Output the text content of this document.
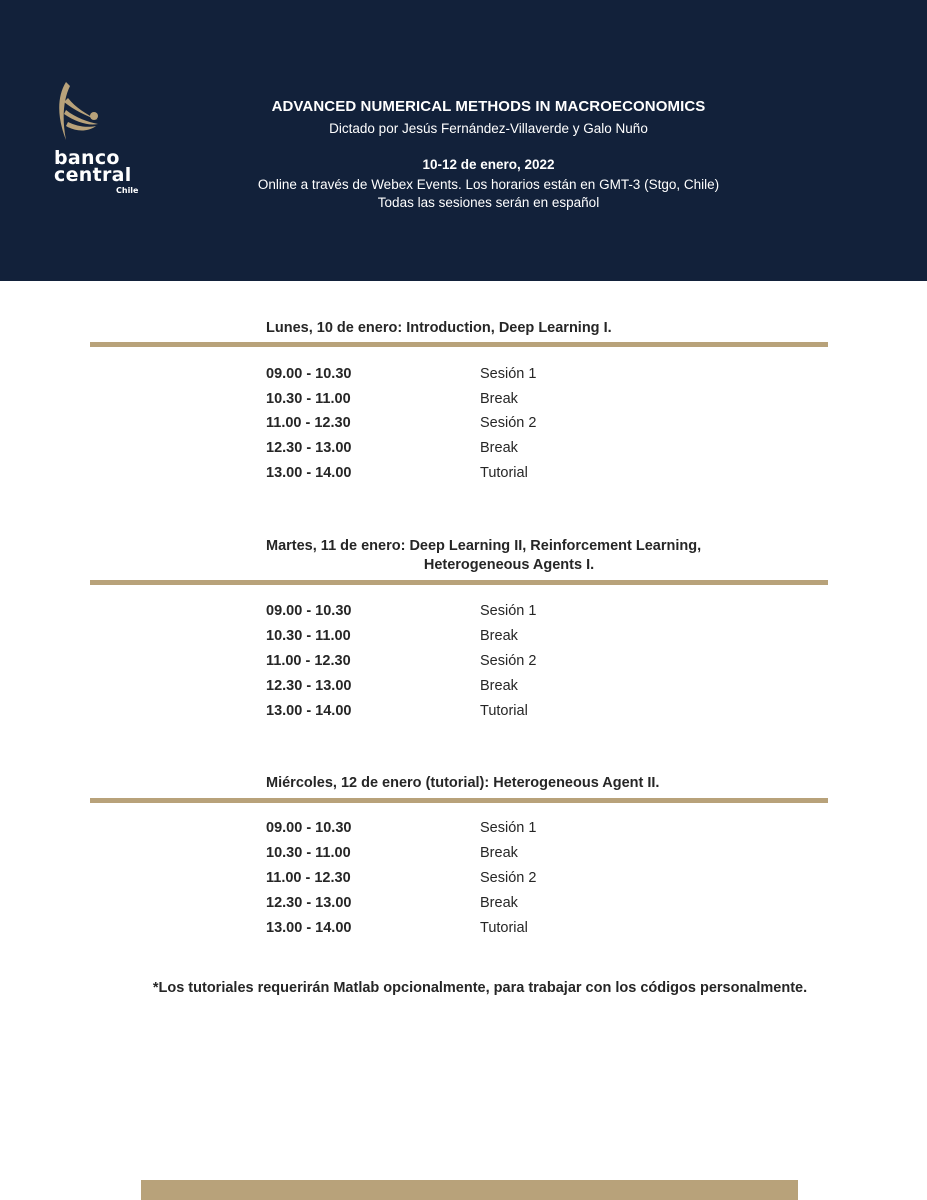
banco
central
Chile
ADVANCED NUMERICAL METHODS IN MACROECONOMICS
Dictado por Jesús Fernández-Villaverde y Galo Nuño
10-12 de enero, 2022
Online a través de Webex Events. Los horarios están en GMT-3 (Stgo, Chile)
Todas las sesiones serán en español
Lunes, 10 de enero: Introduction, Deep Learning I.
09.00 - 10.30	Sesión 1
10.30 - 11.00	Break
11.00 - 12.30	Sesión 2
12.30 - 13.00	Break
13.00 - 14.00	Tutorial
Martes, 11 de enero: Deep Learning II, Reinforcement Learning,
Heterogeneous Agents I.
09.00 - 10.30	Sesión 1
10.30 - 11.00	Break
11.00 - 12.30	Sesión 2
12.30 - 13.00	Break
13.00 - 14.00	Tutorial
Miércoles, 12 de enero (tutorial): Heterogeneous Agent II.
09.00 - 10.30	Sesión 1
10.30 - 11.00	Break
11.00 - 12.30	Sesión 2
12.30 - 13.00	Break
13.00 - 14.00	Tutorial
*Los tutoriales requerirán Matlab opcionalmente, para trabajar con los códigos personalmente.
